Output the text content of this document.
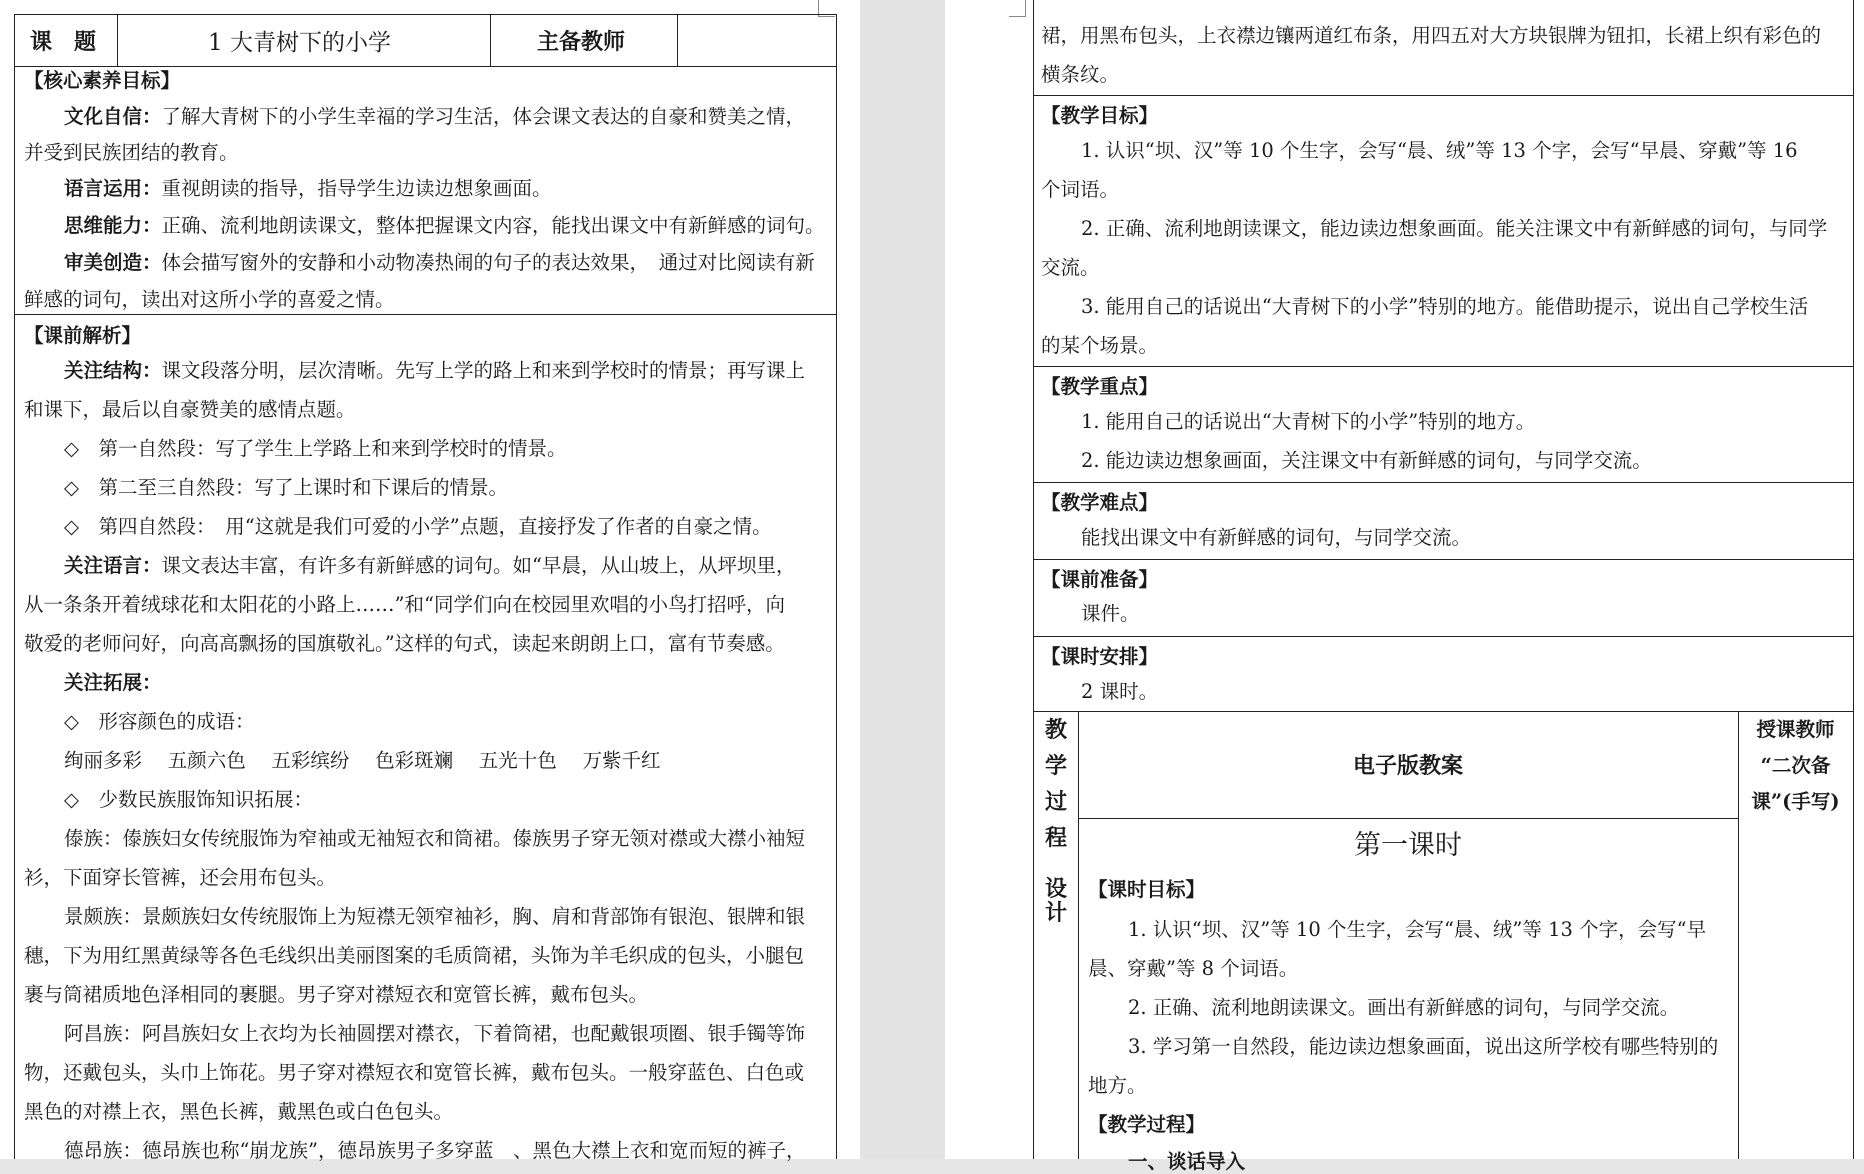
课　题	1 大青树下的小学	主备教师
【核心素养目标】
文化自信：了解大青树下的小学生幸福的学习生活，体会课文表达的自豪和赞美之情，
并受到民族团结的教育。
语言运用：重视朗读的指导，指导学生边读边想象画面。
思维能力：正确、流利地朗读课文，整体把握课文内容，能找出课文中有新鲜感的词句。
审美创造：体会描写窗外的安静和小动物凑热闹的句子的表达效果，　通过对比阅读有新
鲜感的词句，读出对这所小学的喜爱之情。
【课前解析】
关注结构：课文段落分明，层次清晰。先写上学的路上和来到学校时的情景；再写课上
和课下，最后以自豪赞美的感情点题。
◇　第一自然段：写了学生上学路上和来到学校时的情景。
◇　第二至三自然段：写了上课时和下课后的情景。
◇　第四自然段：　用“这就是我们可爱的小学”点题，直接抒发了作者的自豪之情。
关注语言：课文表达丰富，有许多有新鲜感的词句。如“早晨，从山坡上，从坪坝里，
从一条条开着绒球花和太阳花的小路上……”和“同学们向在校园里欢唱的小鸟打招呼，向
敬爱的老师问好，向高高飘扬的国旗敬礼。”这样的句式，读起来朗朗上口，富有节奏感。
关注拓展：
◇　形容颜色的成语：
绚丽多彩　 五颜六色　 五彩缤纷　 色彩斑斓　 五光十色　 万紫千红
◇　少数民族服饰知识拓展：
傣族：傣族妇女传统服饰为窄袖或无袖短衣和筒裙。傣族男子穿无领对襟或大襟小袖短
衫，下面穿长管裤，还会用布包头。
景颇族：景颇族妇女传统服饰上为短襟无领窄袖衫，胸、肩和背部饰有银泡、银牌和银
穗，下为用红黑黄绿等各色毛线织出美丽图案的毛质筒裙，头饰为羊毛织成的包头，小腿包
裹与筒裙质地色泽相同的裹腿。男子穿对襟短衣和宽管长裤，戴布包头。
阿昌族：阿昌族妇女上衣均为长袖圆摆对襟衣，下着筒裙，也配戴银项圈、银手镯等饰
物，还戴包头，头巾上饰花。男子穿对襟短衣和宽管长裤，戴布包头。一般穿蓝色、白色或
黑色的对襟上衣，黑色长裤，戴黑色或白色包头。
德昂族：德昂族也称“崩龙族”，德昂族男子多穿蓝　、黑色大襟上衣和宽而短的裤子，
裙，用黑布包头，上衣襟边镶两道红布条，用四五对大方块银牌为钮扣，长裙上织有彩色的
横条纹。
【教学目标】
1. 认识“坝、汉”等 10 个生字，会写“晨、绒”等 13 个字，会写“早晨、穿戴”等 16
个词语。
2. 正确、流利地朗读课文，能边读边想象画面。能关注课文中有新鲜感的词句，与同学
交流。
3. 能用自己的话说出“大青树下的小学”特别的地方。能借助提示，说出自己学校生活
的某个场景。
【教学重点】
1. 能用自己的话说出“大青树下的小学”特别的地方。
2. 能边读边想象画面，关注课文中有新鲜感的词句，与同学交流。
【教学难点】
能找出课文中有新鲜感的词句，与同学交流。
【课前准备】
课件。
【课时安排】
2 课时。
教
学
过
程
设
计
电子版教案
授课教师
“二次备
课”(手写)
第一课时
【课时目标】
1. 认识“坝、汉”等 10 个生字，会写“晨、绒”等 13 个字，会写“早
晨、穿戴”等 8 个词语。
2. 正确、流利地朗读课文。画出有新鲜感的词句，与同学交流。
3. 学习第一自然段，能边读边想象画面，说出这所学校有哪些特别的
地方。
【教学过程】
一、谈话导入
